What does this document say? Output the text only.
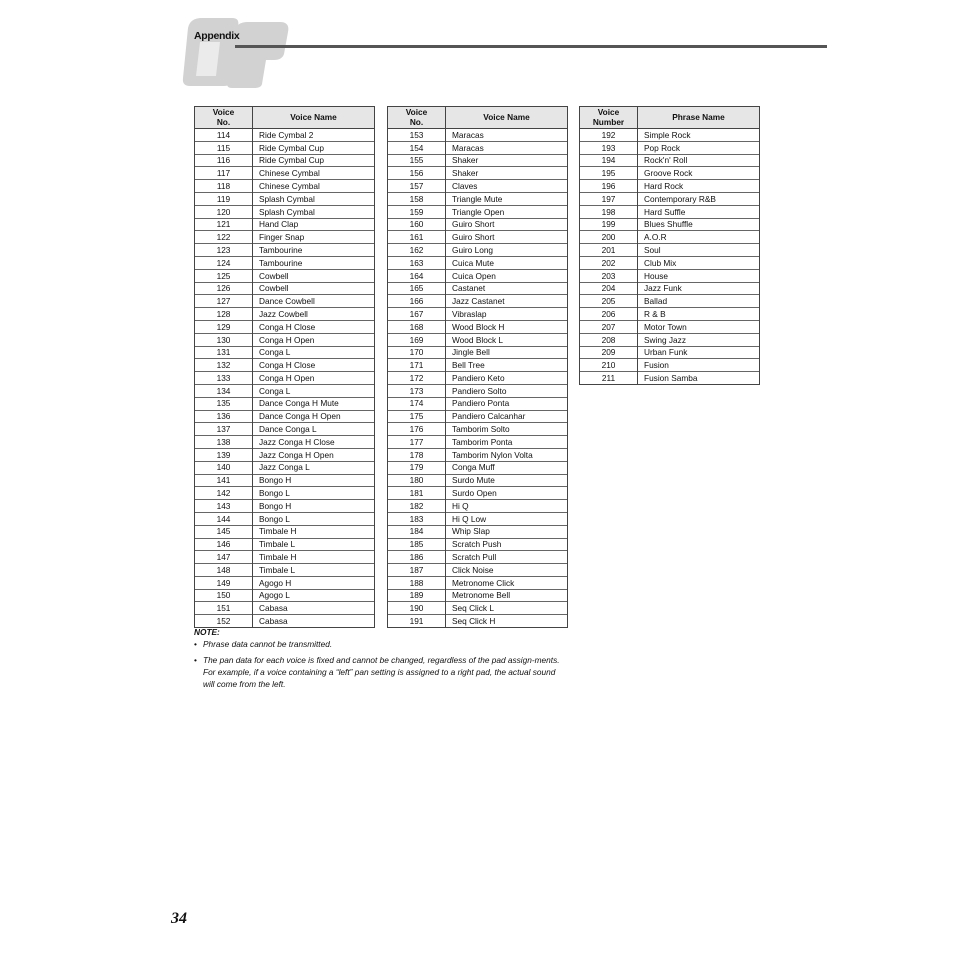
Appendix
Voice
No.	Voice Name
114	Ride Cymbal 2
115	Ride Cymbal Cup
116	Ride Cymbal Cup
117	Chinese Cymbal
118	Chinese Cymbal
119	Splash Cymbal
120	Splash Cymbal
121	Hand Clap
122	Finger Snap
123	Tambourine
124	Tambourine
125	Cowbell
126	Cowbell
127	Dance Cowbell
128	Jazz Cowbell
129	Conga H Close
130	Conga H Open
131	Conga L
132	Conga H Close
133	Conga H Open
134	Conga L
135	Dance Conga H Mute
136	Dance Conga H Open
137	Dance Conga L
138	Jazz Conga H Close
139	Jazz Conga H Open
140	Jazz Conga L
141	Bongo H
142	Bongo L
143	Bongo H
144	Bongo L
145	Timbale H
146	Timbale L
147	Timbale H
148	Timbale L
149	Agogo H
150	Agogo L
151	Cabasa
152	Cabasa
Voice
No.	Voice Name
153	Maracas
154	Maracas
155	Shaker
156	Shaker
157	Claves
158	Triangle Mute
159	Triangle Open
160	Guiro Short
161	Guiro Short
162	Guiro Long
163	Cuica Mute
164	Cuica Open
165	Castanet
166	Jazz Castanet
167	Vibraslap
168	Wood Block H
169	Wood Block L
170	Jingle Bell
171	Bell Tree
172	Pandiero Keto
173	Pandiero Solto
174	Pandiero Ponta
175	Pandiero Calcanhar
176	Tamborim Solto
177	Tamborim Ponta
178	Tamborim Nylon Volta
179	Conga Muff
180	Surdo Mute
181	Surdo Open
182	Hi Q
183	Hi Q Low
184	Whip Slap
185	Scratch Push
186	Scratch Pull
187	Click Noise
188	Metronome Click
189	Metronome Bell
190	Seq Click L
191	Seq Click H
Voice
Number	Phrase Name
192	Simple Rock
193	Pop Rock
194	Rock'n' Roll
195	Groove Rock
196	Hard Rock
197	Contemporary R&B
198	Hard Suffle
199	Blues Shuffle
200	A.O.R
201	Soul
202	Club Mix
203	House
204	Jazz Funk
205	Ballad
206	R & B
207	Motor Town
208	Swing Jazz
209	Urban Funk
210	Fusion
211	Fusion Samba
NOTE:
• Phrase data cannot be transmitted.
• The pan data for each voice is fixed and cannot be changed, regardless of the pad assign-ments. For example, if a voice containing a “left” pan setting is assigned to a right pad, the actual sound will come from the left.
34
